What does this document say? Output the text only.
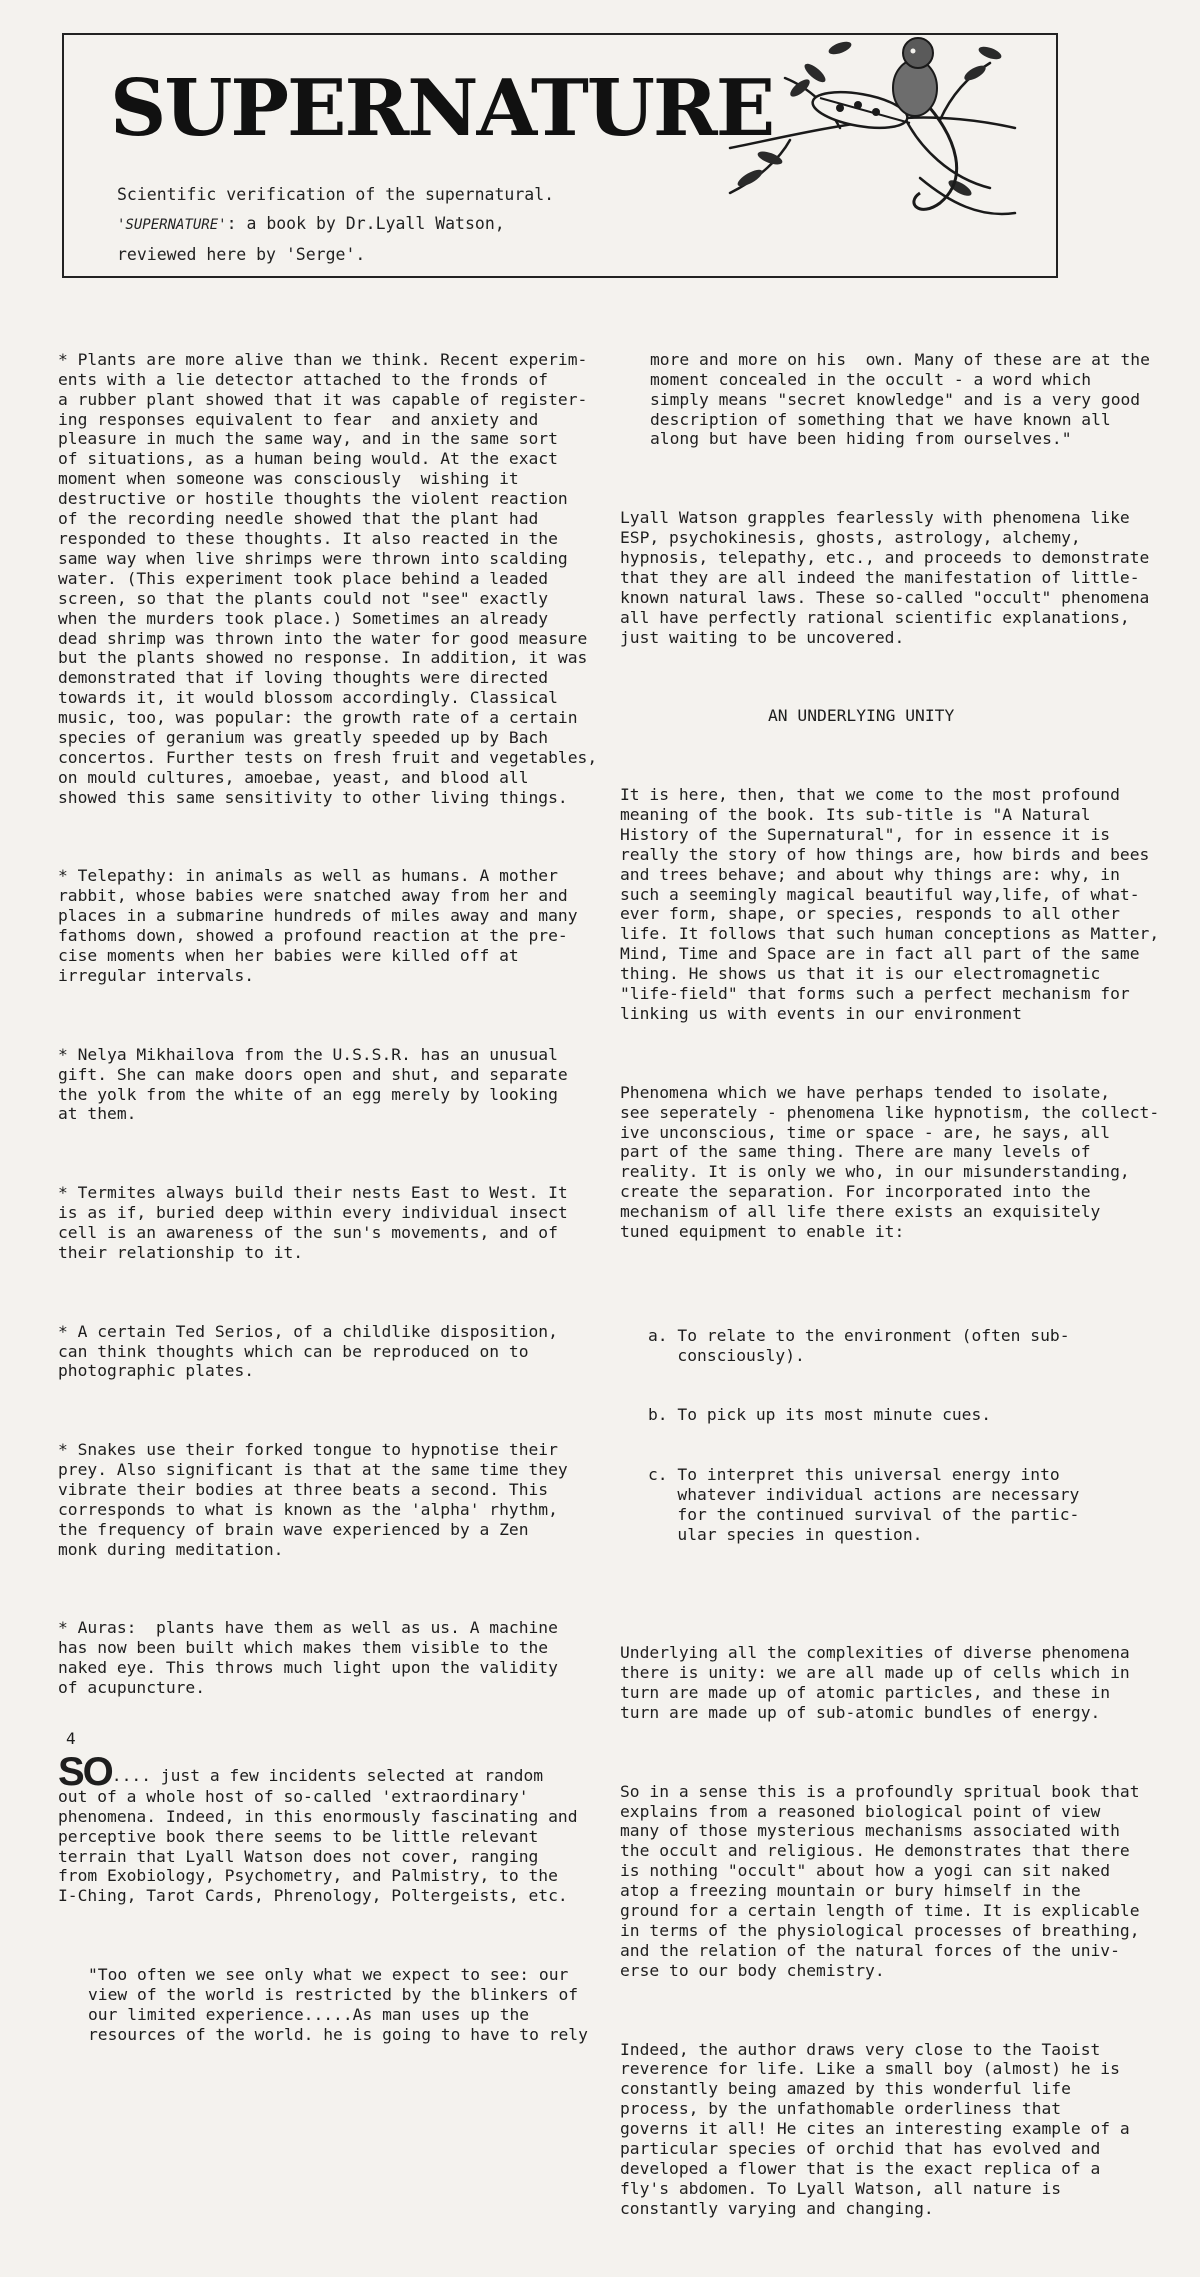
SUPERNATURE
Scientific verification of the supernatural.
'SUPERNATURE': a book by Dr.Lyall Watson,
reviewed here by 'Serge'.

* Plants are more alive than we think. Recent experim-
ents with a lie detector attached to the fronds of
a rubber plant showed that it was capable of register-
ing responses equivalent to fear  and anxiety and
pleasure in much the same way, and in the same sort
of situations, as a human being would. At the exact
moment when someone was consciously  wishing it
destructive or hostile thoughts the violent reaction
of the recording needle showed that the plant had
responded to these thoughts. It also reacted in the
same way when live shrimps were thrown into scalding
water. (This experiment took place behind a leaded
screen, so that the plants could not "see" exactly
when the murders took place.) Sometimes an already
dead shrimp was thrown into the water for good measure
but the plants showed no response. In addition, it was
demonstrated that if loving thoughts were directed
towards it, it would blossom accordingly. Classical
music, too, was popular: the growth rate of a certain
species of geranium was greatly speeded up by Bach
concertos. Further tests on fresh fruit and vegetables,
on mould cultures, amoebae, yeast, and blood all
showed this same sensitivity to other living things.

* Telepathy: in animals as well as humans. A mother
rabbit, whose babies were snatched away from her and
places in a submarine hundreds of miles away and many
fathoms down, showed a profound reaction at the pre-
cise moments when her babies were killed off at
irregular intervals.

* Nelya Mikhailova from the U.S.S.R. has an unusual
gift. She can make doors open and shut, and separate
the yolk from the white of an egg merely by looking
at them.

* Termites always build their nests East to West. It
is as if, buried deep within every individual insect
cell is an awareness of the sun's movements, and of
their relationship to it.

* A certain Ted Serios, of a childlike disposition,
can think thoughts which can be reproduced on to
photographic plates.

* Snakes use their forked tongue to hypnotise their
prey. Also significant is that at the same time they
vibrate their bodies at three beats a second. This
corresponds to what is known as the 'alpha' rhythm,
the frequency of brain wave experienced by a Zen
monk during meditation.

* Auras:  plants have them as well as us. A machine
has now been built which makes them visible to the
naked eye. This throws much light upon the validity
of acupuncture.

SO.... just a few incidents selected at random
out of a whole host of so-called 'extraordinary'
phenomena. Indeed, in this enormously fascinating and
perceptive book there seems to be little relevant
terrain that Lyall Watson does not cover, ranging
from Exobiology, Psychometry, and Palmistry, to the
I-Ching, Tarot Cards, Phrenology, Poltergeists, etc.

"Too often we see only what we expect to see: our
view of the world is restricted by the blinkers of
our limited experience.....As man uses up the
resources of the world. he is going to have to rely

more and more on his  own. Many of these are at the
moment concealed in the occult - a word which
simply means "secret knowledge" and is a very good
description of something that we have known all
along but have been hiding from ourselves."

Lyall Watson grapples fearlessly with phenomena like
ESP, psychokinesis, ghosts, astrology, alchemy,
hypnosis, telepathy, etc., and proceeds to demonstrate
that they are all indeed the manifestation of little-
known natural laws. These so-called "occult" phenomena
all have perfectly rational scientific explanations,
just waiting to be uncovered.

AN UNDERLYING UNITY

It is here, then, that we come to the most profound
meaning of the book. Its sub-title is "A Natural
History of the Supernatural", for in essence it is
really the story of how things are, how birds and bees
and trees behave; and about why things are: why, in
such a seemingly magical beautiful way,life, of what-
ever form, shape, or species, responds to all other
life. It follows that such human conceptions as Matter,
Mind, Time and Space are in fact all part of the same
thing. He shows us that it is our electromagnetic
"life-field" that forms such a perfect mechanism for
linking us with events in our environment

Phenomena which we have perhaps tended to isolate,
see seperately - phenomena like hypnotism, the collect-
ive unconscious, time or space - are, he says, all
part of the same thing. There are many levels of
reality. It is only we who, in our misunderstanding,
create the separation. For incorporated into the
mechanism of all life there exists an exquisitely
tuned equipment to enable it:

a. To relate to the environment (often sub-
consciously).

b. To pick up its most minute cues.

c. To interpret this universal energy into
whatever individual actions are necessary
for the continued survival of the partic-
ular species in question.

Underlying all the complexities of diverse phenomena
there is unity: we are all made up of cells which in
turn are made up of atomic particles, and these in
turn are made up of sub-atomic bundles of energy.

So in a sense this is a profoundly spritual book that
explains from a reasoned biological point of view
many of those mysterious mechanisms associated with
the occult and religious. He demonstrates that there
is nothing "occult" about how a yogi can sit naked
atop a freezing mountain or bury himself in the
ground for a certain length of time. It is explicable
in terms of the physiological processes of breathing,
and the relation of the natural forces of the univ-
erse to our body chemistry.

Indeed, the author draws very close to the Taoist
reverence for life. Like a small boy (almost) he is
constantly being amazed by this wonderful life
process, by the unfathomable orderliness that
governs it all! He cites an interesting example of a
particular species of orchid that has evolved and
developed a flower that is the exact replica of a
fly's abdomen. To Lyall Watson, all nature is
constantly varying and changing.

4
